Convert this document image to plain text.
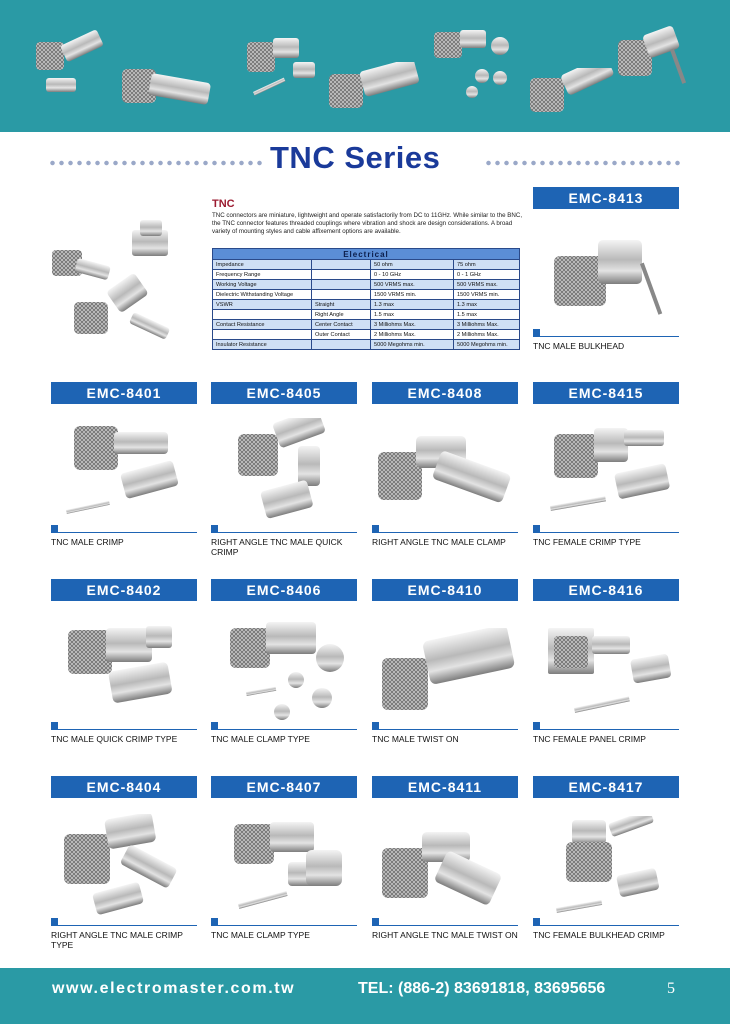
TNC Series
TNC
TNC connectors are miniature, lightweight and operate satisfactorily from DC to 11GHz. While similar to the BNC, the TNC connector features threaded couplings where vibration and shock are design considerations. A broad variety of mounting styles and cable affixement options are available.
Electrical			
Impedance		50 ohm	75 ohm
Frequency Range		0 - 10 GHz	0 - 1 GHz
Working Voltage		500 VRMS max.	500 VRMS max.
Dielectric Withstanding Voltage		1500 VRMS min.	1500 VRMS min.
VSWR	Straight	1.3 max	1.3 max
	Right Angle	1.5 max	1.5 max
Contact Resistance	Center Contact	3 Milliohms Max.	3 Milliohms Max.
	Outer Contact	2 Milliohms Max.	2 Milliohms Max.
Insulator Resistance		5000 Megohms min.	5000 Megohms min.
EMC-8413
TNC MALE BULKHEAD
EMC-8401
TNC MALE CRIMP
EMC-8405
RIGHT ANGLE TNC MALE QUICK CRIMP
EMC-8408
RIGHT ANGLE TNC MALE CLAMP
EMC-8415
TNC FEMALE CRIMP TYPE
EMC-8402
TNC MALE QUICK CRIMP TYPE
EMC-8406
TNC MALE CLAMP TYPE
EMC-8410
TNC MALE TWIST ON
EMC-8416
TNC FEMALE PANEL CRIMP
EMC-8404
RIGHT ANGLE TNC MALE CRIMP TYPE
EMC-8407
TNC MALE CLAMP TYPE
EMC-8411
RIGHT ANGLE TNC MALE TWIST ON
EMC-8417
TNC FEMALE BULKHEAD CRIMP
www.electromaster.com.tw	TEL: (886-2) 83691818, 83695656	5
